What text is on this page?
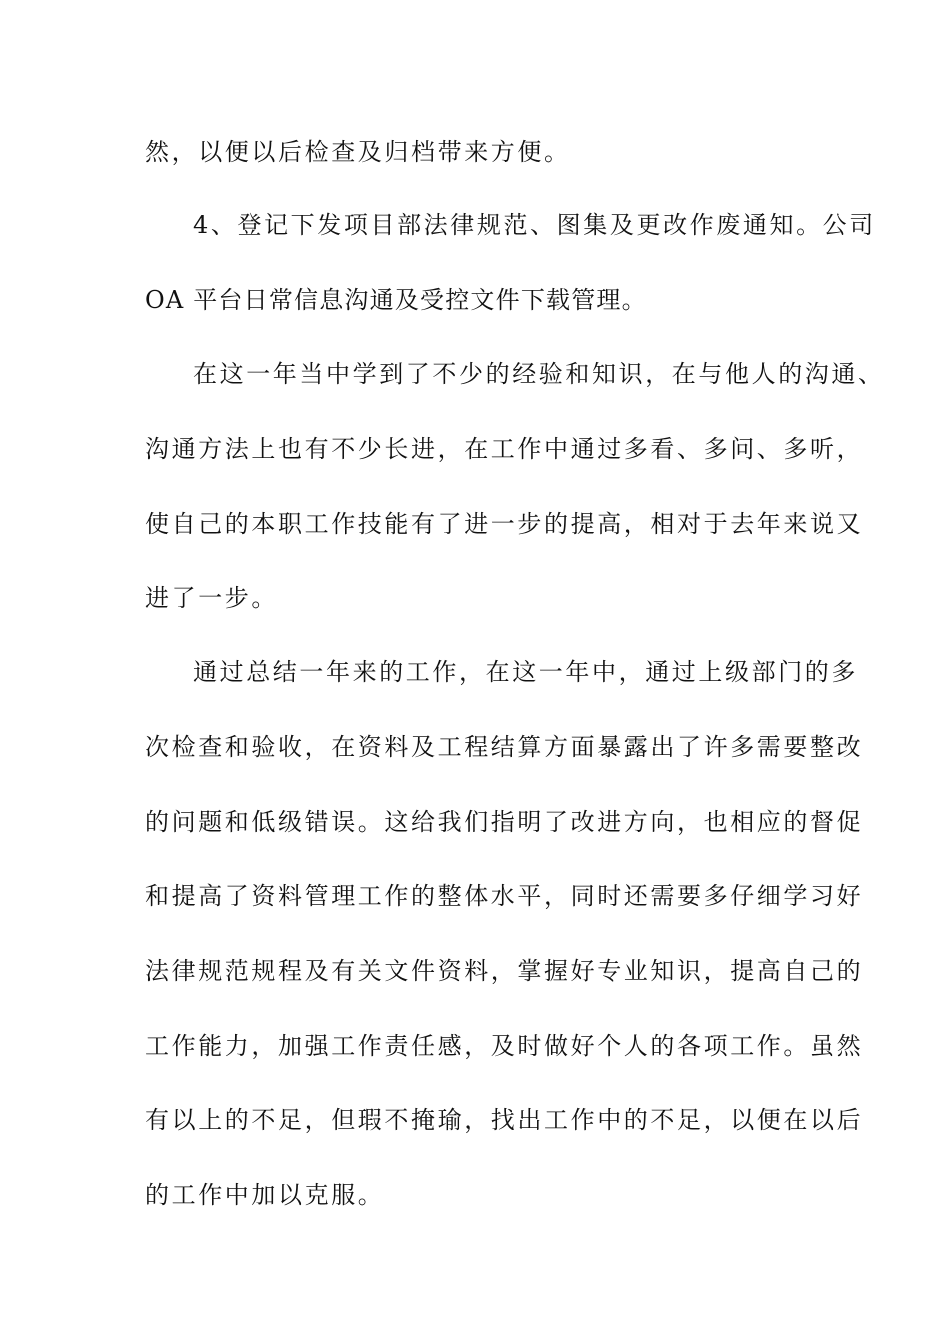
然，以便以后检查及归档带来方便。
4、登记下发项目部法律规范、图集及更改作废通知。公司
OA 平台日常信息沟通及受控文件下载管理。
在这一年当中学到了不少的经验和知识，在与他人的沟通、
沟通方法上也有不少长进，在工作中通过多看、多问、多听，
使自己的本职工作技能有了进一步的提高，相对于去年来说又
进了一步。
通过总结一年来的工作，在这一年中，通过上级部门的多
次检查和验收，在资料及工程结算方面暴露出了许多需要整改
的问题和低级错误。这给我们指明了改进方向，也相应的督促
和提高了资料管理工作的整体水平，同时还需要多仔细学习好
法律规范规程及有关文件资料，掌握好专业知识，提高自己的
工作能力，加强工作责任感，及时做好个人的各项工作。虽然
有以上的不足，但瑕不掩瑜，找出工作中的不足，以便在以后
的工作中加以克服。
